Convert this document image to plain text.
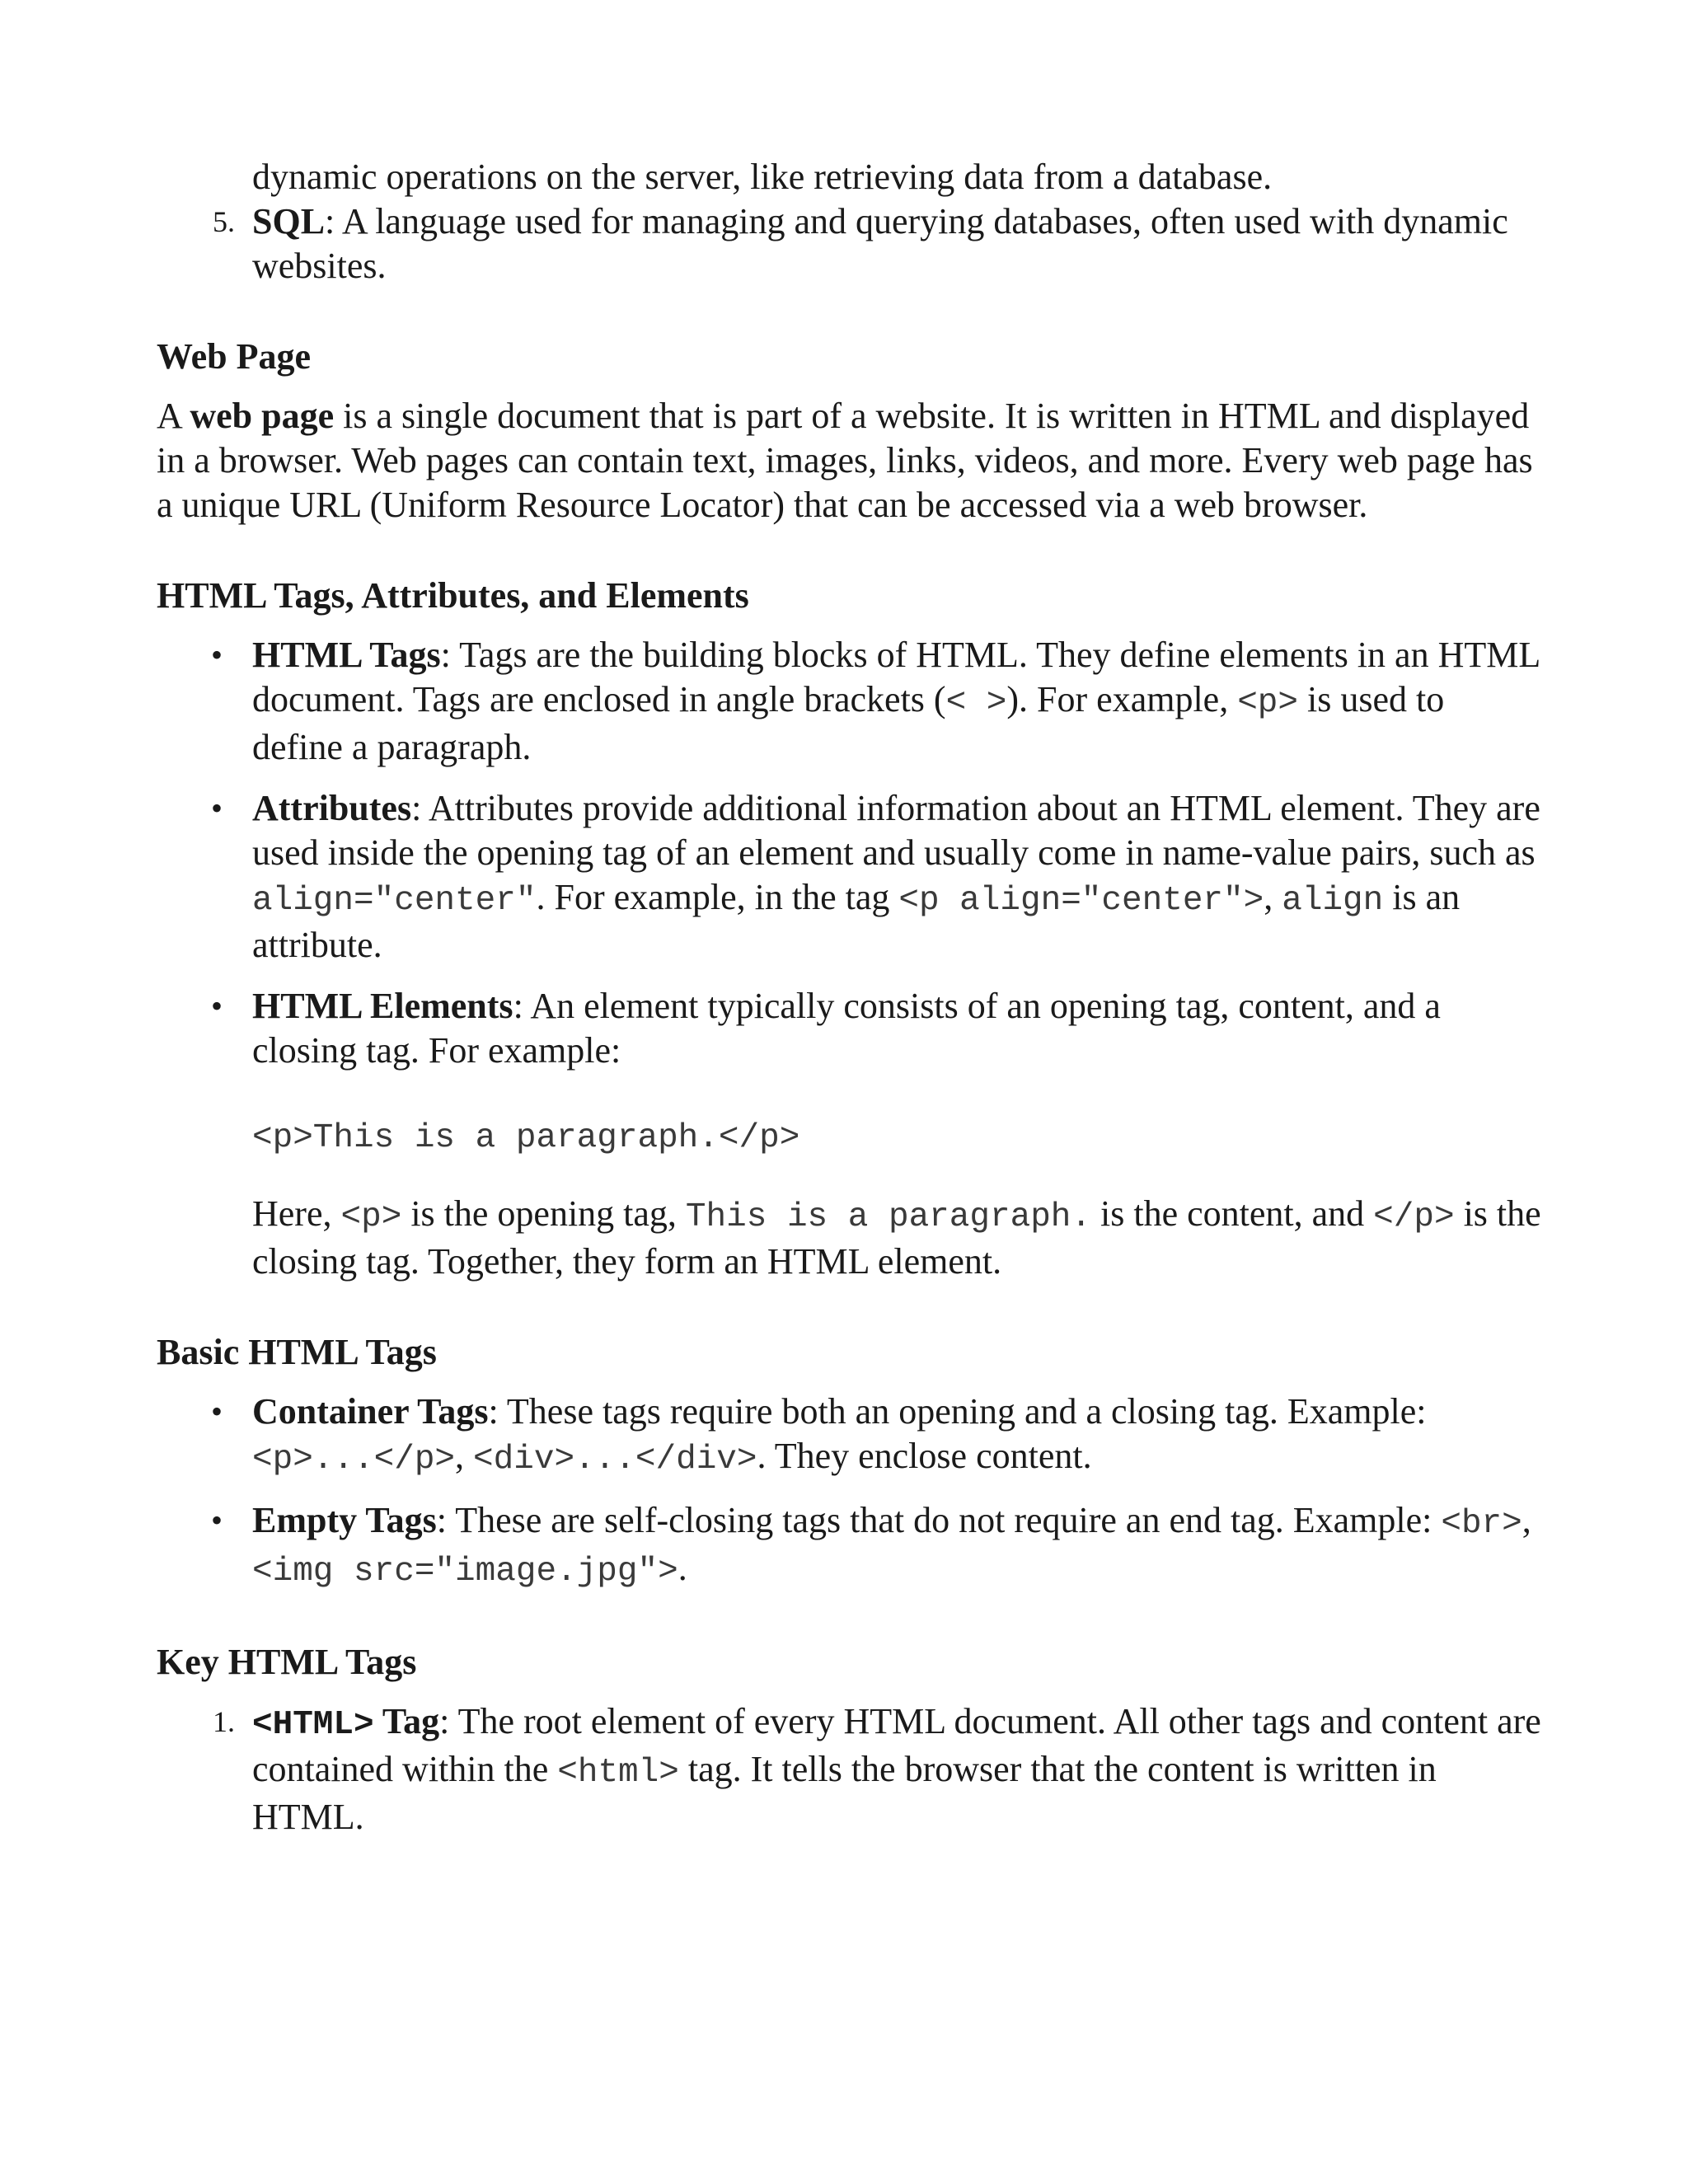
dynamic operations on the server, like retrieving data from a database.

5. SQL: A language used for managing and querying databases, often used with dynamic websites.

Web Page

A web page is a single document that is part of a website. It is written in HTML and displayed in a browser. Web pages can contain text, images, links, videos, and more. Every web page has a unique URL (Uniform Resource Locator) that can be accessed via a web browser.

HTML Tags, Attributes, and Elements

• HTML Tags: Tags are the building blocks of HTML. They define elements in an HTML document. Tags are enclosed in angle brackets (< >). For example, <p> is used to define a paragraph.
• Attributes: Attributes provide additional information about an HTML element. They are used inside the opening tag of an element and usually come in name-value pairs, such as align="center". For example, in the tag <p align="center">, align is an attribute.
• HTML Elements: An element typically consists of an opening tag, content, and a closing tag. For example:

<p>This is a paragraph.</p>

Here, <p> is the opening tag, This is a paragraph. is the content, and </p> is the closing tag. Together, they form an HTML element.

Basic HTML Tags

• Container Tags: These tags require both an opening and a closing tag. Example: <p>...</p>, <div>...</div>. They enclose content.
• Empty Tags: These are self-closing tags that do not require an end tag. Example: <br>, <img src="image.jpg">.

Key HTML Tags

1. <HTML> Tag: The root element of every HTML document. All other tags and content are contained within the <html> tag. It tells the browser that the content is written in HTML.
